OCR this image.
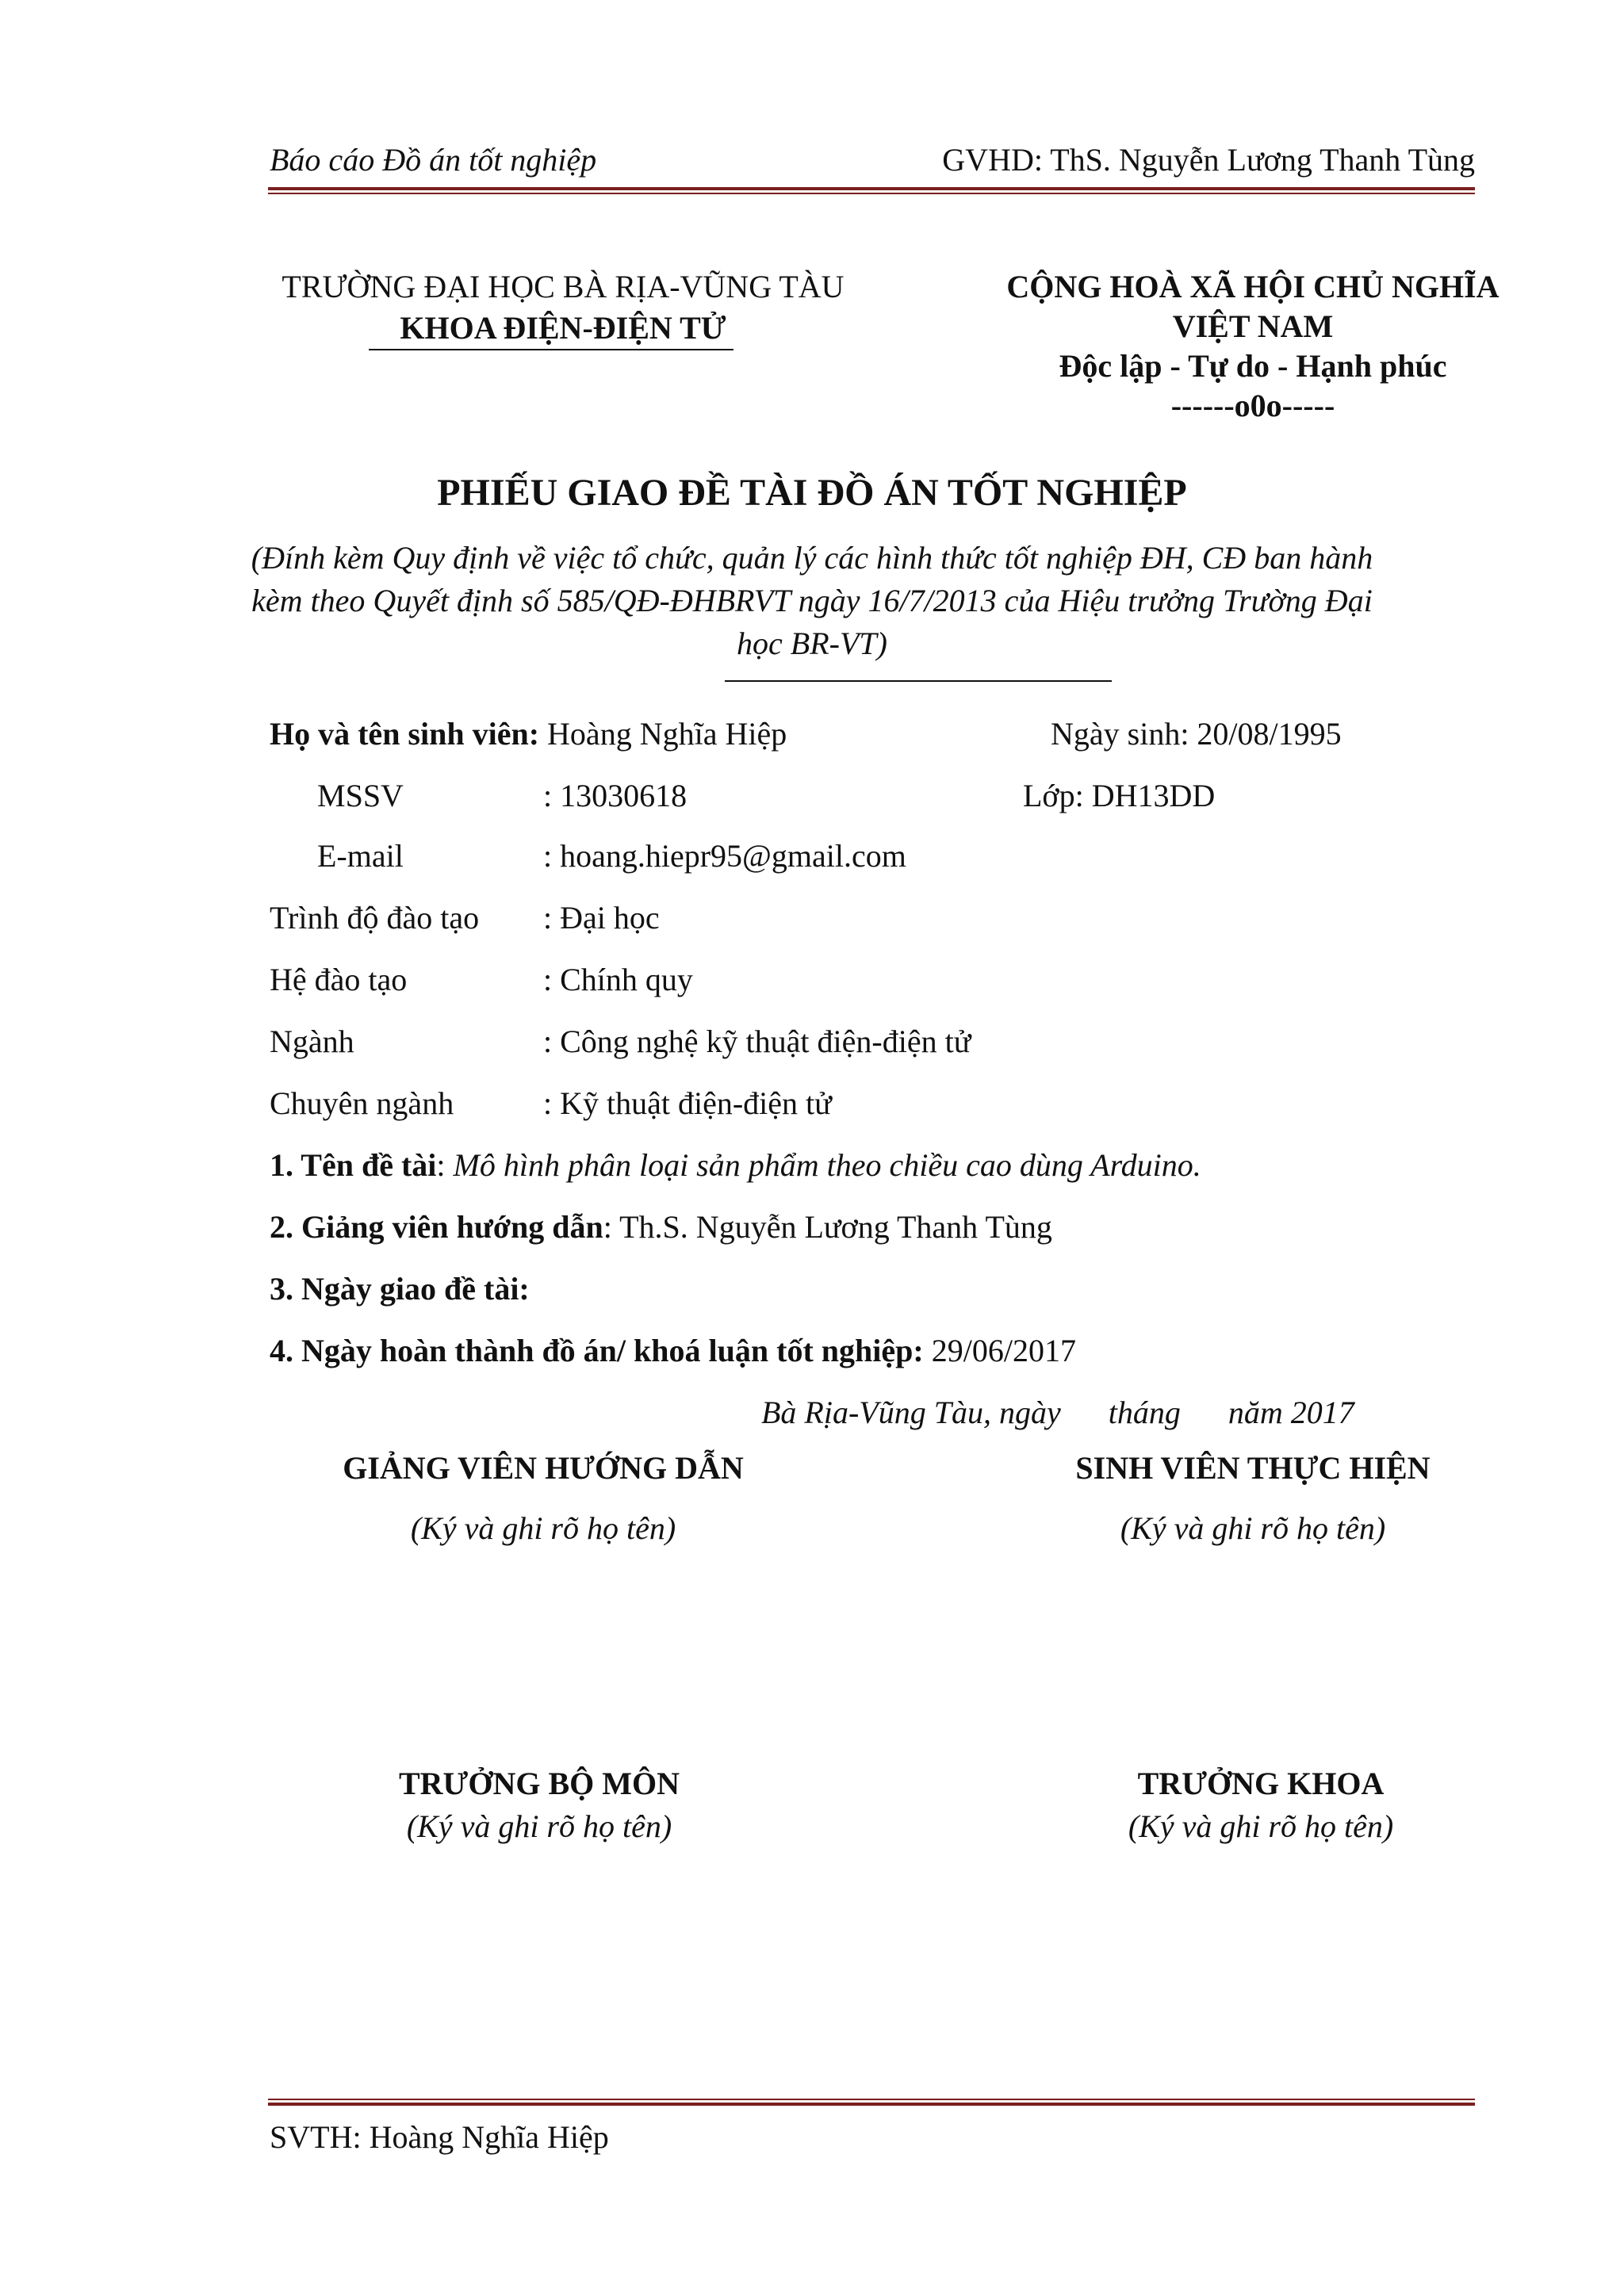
Báo cáo Đồ án tốt nghiệp	GVHD: ThS. Nguyễn Lương Thanh Tùng
TRƯỜNG ĐẠI HỌC BÀ RỊA-VŨNG TÀU
KHOA ĐIỆN-ĐIỆN TỬ
CỘNG HOÀ XÃ HỘI CHỦ NGHĨA
VIỆT NAM
Độc lập - Tự do - Hạnh phúc
------o0o-----
PHIẾU GIAO ĐỀ TÀI ĐỒ ÁN TỐT NGHIỆP
(Đính kèm Quy định về việc tổ chức, quản lý các hình thức tốt nghiệp ĐH, CĐ ban hành
kèm theo Quyết định số 585/QĐ-ĐHBRVT ngày 16/7/2013 của Hiệu trưởng Trường Đại
học BR-VT)
Họ và tên sinh viên: Hoàng Nghĩa Hiệp	Ngày sinh: 20/08/1995
MSSV	: 13030618	Lớp: DH13DD
E-mail	: hoang.hiepr95@gmail.com
Trình độ đào tạo : Đại học
Hệ đào tạo	: Chính quy
Ngành	: Công nghệ kỹ thuật điện-điện tử
Chuyên ngành	: Kỹ thuật điện-điện tử
1. Tên đề tài: Mô hình phân loại sản phẩm theo chiều cao dùng Arduino.
2. Giảng viên hướng dẫn: Th.S. Nguyễn Lương Thanh Tùng
3. Ngày giao đề tài:
4. Ngày hoàn thành đồ án/ khoá luận tốt nghiệp: 29/06/2017
Bà Rịa-Vũng Tàu, ngày      tháng      năm 2017
GIẢNG VIÊN HƯỚNG DẪN
(Ký và ghi rõ họ tên)
SINH VIÊN THỰC HIỆN
(Ký và ghi rõ họ tên)
TRƯỞNG BỘ MÔN
(Ký và ghi rõ họ tên)
TRƯỞNG KHOA
(Ký và ghi rõ họ tên)
SVTH: Hoàng Nghĩa Hiệp
